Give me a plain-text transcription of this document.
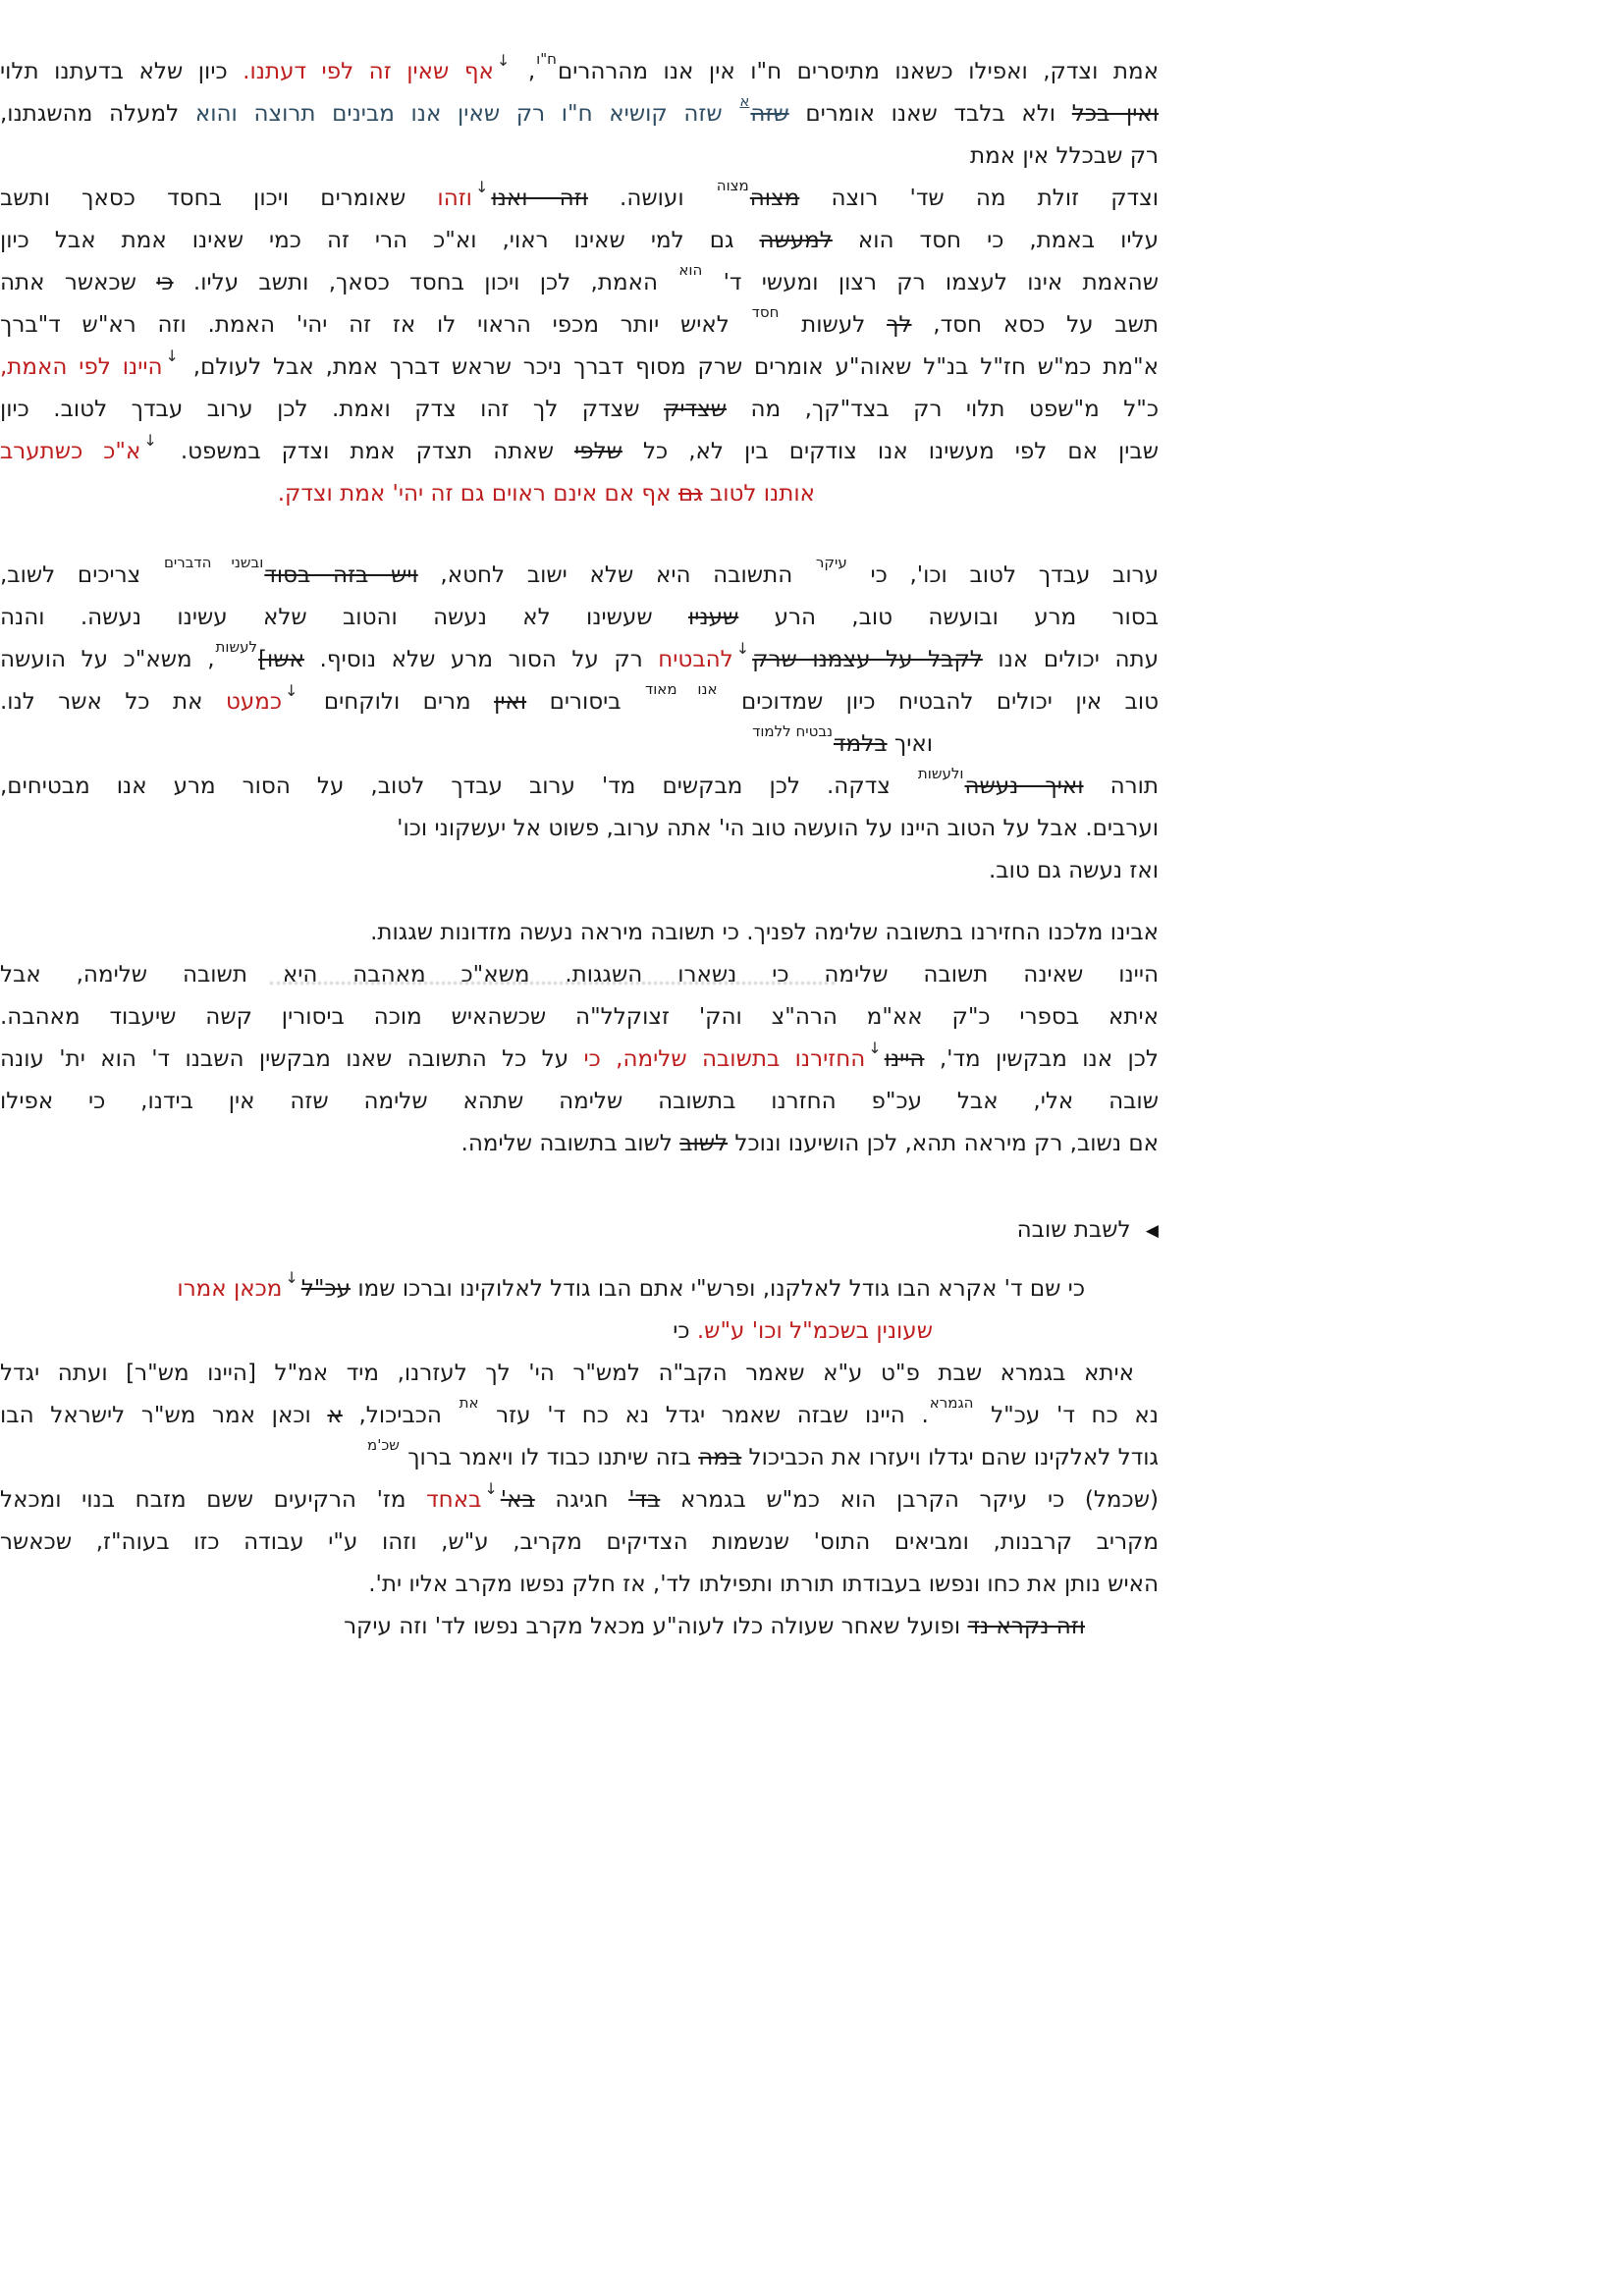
אמת וצדק, ואפילו כשאנו מתיסרים ח"ו אין אנו מהרהרים$^{ח"ו}$, ↓אף שאין זה לפי דעתנו. כיון שלא בדעתנו תלוי
ואין בכל ולא בלבד שאנו אומרים שזה$^א$ שזה קושיא ח"ו רק שאין אנו מבינים תרוצה והוא למעלה מהשגתנו,
רק שבכלל אין אמת
וצדק זולת מה שד' רוצה מצוה$^{מצוה}$ ועושה. וזה ואנו↓וזהו שאומרים ויכון בחסד כסאך ותשב
עליו באמת, כי חסד הוא למעשה גם למי שאינו ראוי, וא"כ הרי זה כמי שאינו אמת אבל כיון
שהאמת אינו לעצמו רק רצון ומעשי ד' $^{הוא}$ האמת, לכן ויכון בחסד כסאך, ותשב עליו. כי שכאשר אתה
תשב על כסא חסד, לך לעשות $^{חסד}$ לאיש יותר מכפי הראוי לו אז זה יהי' האמת. וזה רא"ש ד"ברך
א"מת כמ"ש חז"ל בנ"ל שאוה"ע אומרים שרק מסוף דברך ניכר שראש דברך אמת, אבל לעולם, ↓היינו לפי האמת,
כ"ל מ"שפט תלוי רק בצד"קך, מה שצדיק שצדק לך זהו צדק ואמת. לכן ערוב עבדך לטוב. כיון
שבין אם לפי מעשינו אנו צודקים בין לא, כל שלפי שאתה תצדק אמת וצדק במשפט. ↓א"כ כשתערב
אותנו לטוב גם אף אם אינם ראוים גם זה יהי' אמת וצדק.
ערוב עבדך לטוב וכו', כי $^{עיקר}$ התשובה היא שלא ישוב לחטא, ויש בזה בסוד$^{ובשני הדברים}$ צריכים לשוב,
בסור מרע ובועשה טוב, הרע שעניו שעשינו לא נעשה והטוב שלא עשינו נעשה. והנה
עתה יכולים אנו לקבל על עצמנו שרק↓להבטיח רק על הסור מרע שלא נוסיף. אשו]$^{לעשות}$, משא"כ על הועשה
טוב אין יכולים להבטיח כיון שמדוכים $^{אנו מאוד}$ ביסורים ואין מרים ולוקחים ↓כמעט את כל אשר לנו.
ואיך בלמד$^{נבטיח ללמוד}$
תורה ואיך נעשה$^{ולעשות}$ צדקה. לכן מבקשים מד' ערוב עבדך לטוב, על הסור מרע אנו מבטיחים,
וערבים. אבל על הטוב היינו על הועשה טוב הי' אתה ערוב, פשוט אל יעשקוני וכו'
ואז נעשה גם טוב.
אבינו מלכנו החזירנו בתשובה שלימה לפניך. כי תשובה מיראה נעשה מזדונות שגגות.
היינו שאינה תשובה שלימה כי נשארו השגגות. משא"כ מאהבה היא תשובה שלימה, אבל
איתא בספרי כ"ק אא"מ הרה"צ והק' זצוקלל"ה שכשהאיש מוכה ביסורין קשה שיעבוד מאהבה.
לכן אנו מבקשין מד', היינו↓החזירנו בתשובה שלימה, כי על כל התשובה שאנו מבקשין השבנו ד' הוא ית' עונה
שובה אלי, אבל עכ"פ החזרנו בתשובה שלימה שתהא שלימה שזה אין בידנו, כי אפילו
אם נשוב, רק מיראה תהא, לכן הושיענו ונוכל לשוב לשוב בתשובה שלימה.
◀ לשבת שובה
כי שם ד' אקרא הבו גודל לאלקנו, ופרש"י אתם הבו גודל לאלוקינו וברכו שמו עכ"ל↓מכאן אמרו
שעונין בשכמ"ל וכו' ע"ש. כי
איתא בגמרא שבת פ"ט ע"א שאמר הקב"ה למש"ר הי' לך לעזרנו, מיד אמ"ל [היינו מש"ר] ועתה יגדל
נא כח ד' עכ"ל $^{הגמרא}$. היינו שבזה שאמר יגדל נא כח ד' עזר $^{את}$ הכביכול, א וכאן אמר מש"ר לישראל הבו
גודל לאלקינו שהם יגדלו ויעזרו את הכביכול במה בזה שיתנו כבוד לו ויאמר ברוך $^{שכ'מ}$
(שכמל) כי עיקר הקרבן הוא כמ"ש בגמרא בד' חגיגה בא'↓באחד מז' הרקיעים ששם מזבח בנוי ומכאל
מקריב קרבנות, ומביאים התוס' שנשמות הצדיקים מקריב, ע"ש, וזהו ע"י עבודה כזו בעוה"ז, שכאשר
האיש נותן את כחו ונפשו בעבודתו תורתו ותפילתו לד', אז חלק נפשו מקרב אליו ית'.
וזה נקרא נד ופועל שאחר שעולה כלו לעוה"ע מכאל מקרב נפשו לד' וזה עיקר
